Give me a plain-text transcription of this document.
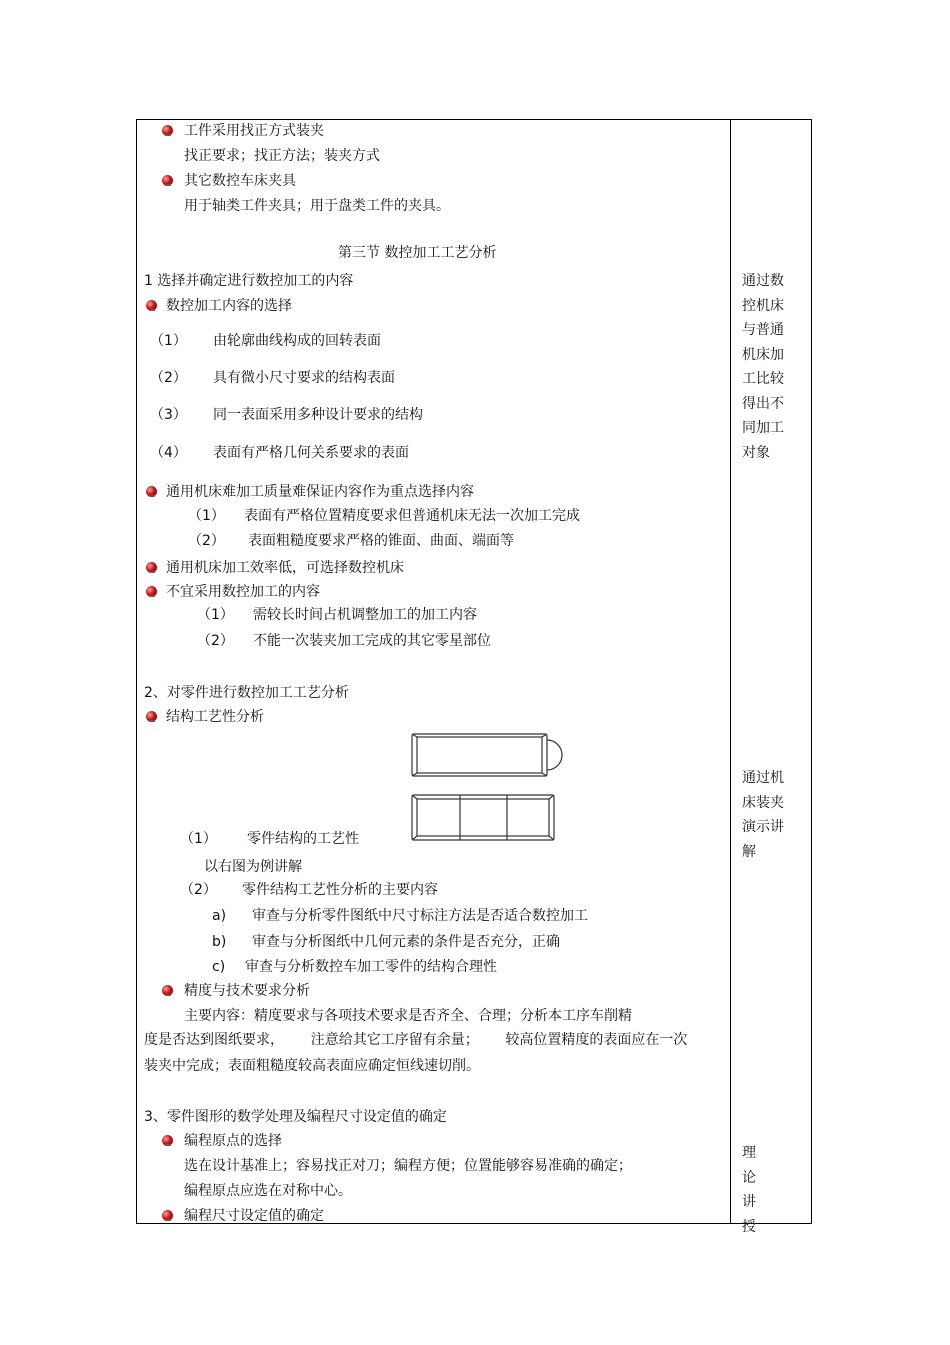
工件采用找正方式装夹
找正要求；找正方法；装夹方式
其它数控车床夹具
用于轴类工件夹具；用于盘类工件的夹具。
第三节 数控加工工艺分析
1 选择并确定进行数控加工的内容
数控加工内容的选择
（1） 由轮廓曲线构成的回转表面
（2） 具有微小尺寸要求的结构表面
（3） 同一表面采用多种设计要求的结构
（4） 表面有严格几何关系要求的表面
通用机床难加工质量难保证内容作为重点选择内容
（1） 表面有严格位置精度要求但普通机床无法一次加工完成
（2） 表面粗糙度要求严格的锥面、曲面、端面等
通用机床加工效率低，可选择数控机床
不宜采用数控加工的内容
（1） 需较长时间占机调整加工的加工内容
（2） 不能一次装夹加工完成的其它零星部位
2、对零件进行数控加工工艺分析
结构工艺性分析
（1） 零件结构的工艺性
以右图为例讲解
（2） 零件结构工艺性分析的主要内容
a) 审查与分析零件图纸中尺寸标注方法是否适合数控加工
b) 审查与分析图纸中几何元素的条件是否充分，正确
c) 审查与分析数控车加工零件的结构合理性
精度与技术要求分析
主要内容：精度要求与各项技术要求是否齐全、合理；分析本工序车削精
度是否达到图纸要求，      注意给其它工序留有余量；      较高位置精度的表面应在一次
装夹中完成；表面粗糙度较高表面应确定恒线速切削。
3、零件图形的数学处理及编程尺寸设定值的确定
编程原点的选择
选在设计基准上；容易找正对刀；编程方便；位置能够容易准确的确定；
编程原点应选在对称中心。
编程尺寸设定值的确定
通过数控机床与普通机床加工比较得出不同加工对象
通过机床装夹演示讲解
理论讲授
